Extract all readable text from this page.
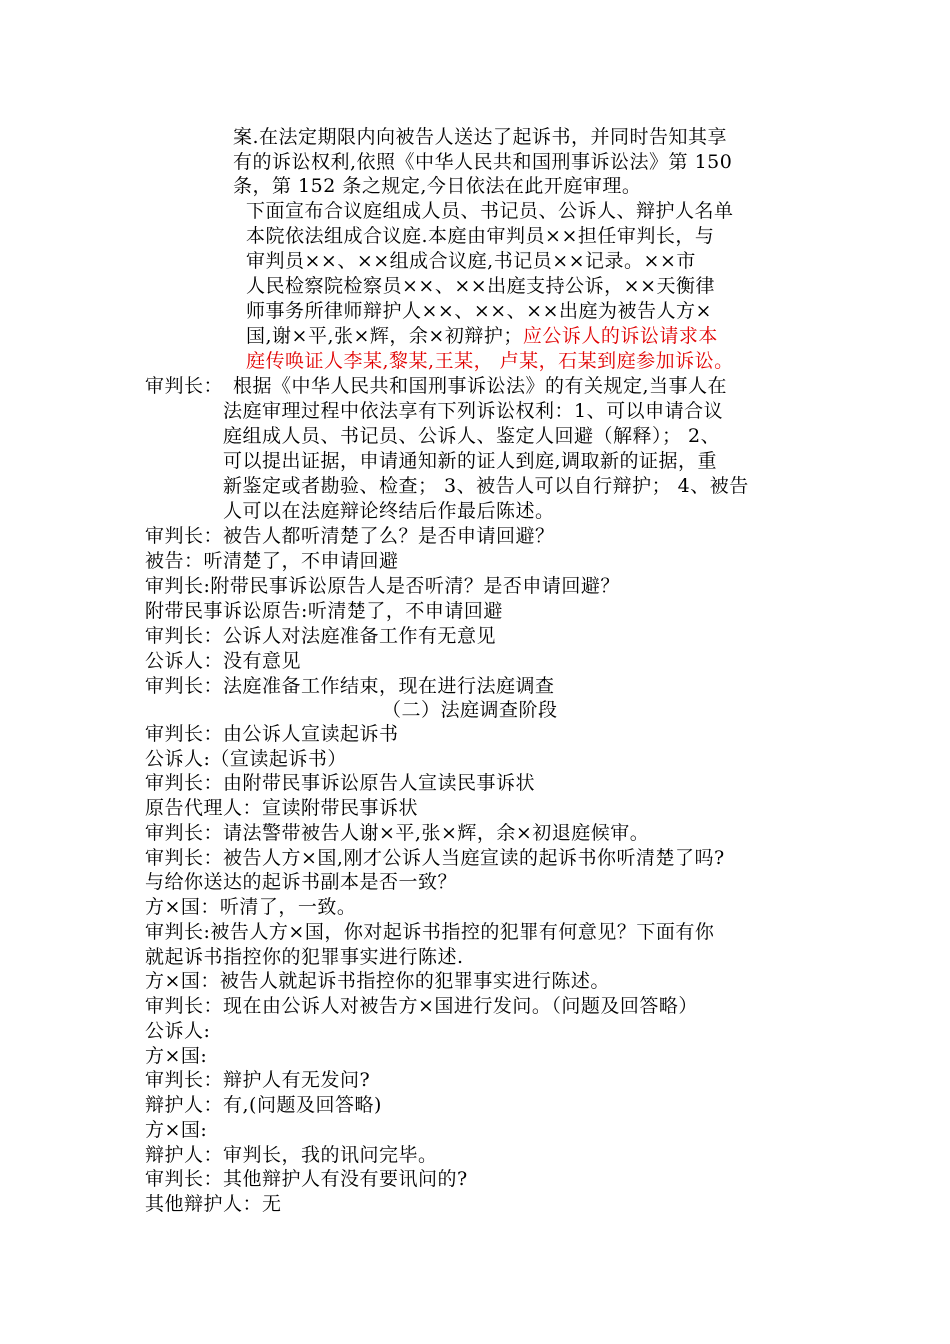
案.在法定期限内向被告人送达了起诉书，并同时告知其享
有的诉讼权利,依照《中华人民共和国刑事诉讼法》第 150
条，第 152 条之规定,今日依法在此开庭审理。
下面宣布合议庭组成人员、书记员、公诉人、辩护人名单
本院依法组成合议庭.本庭由审判员××担任审判长，与
审判员××、××组成合议庭,书记员××记录。××市
人民检察院检察员××、××出庭支持公诉，××天衡律
师事务所律师辩护人××、××、××出庭为被告人方×
国,谢×平,张×辉，余×初辩护；应公诉人的诉讼请求本
庭传唤证人李某,黎某,王某， 卢某，石某到庭参加诉讼。
审判长： 根据《中华人民共和国刑事诉讼法》的有关规定,当事人在
法庭审理过程中依法享有下列诉讼权利：1、可以申请合议
庭组成人员、书记员、公诉人、鉴定人回避（解释）； 2、
可以提出证据，申请通知新的证人到庭,调取新的证据，重
新鉴定或者勘验、检查； 3、被告人可以自行辩护； 4、被告
人可以在法庭辩论终结后作最后陈述。
审判长：被告人都听清楚了么？是否申请回避？
被告：听清楚了，不申请回避
审判长:附带民事诉讼原告人是否听清？是否申请回避？
附带民事诉讼原告:听清楚了，不申请回避
审判长：公诉人对法庭准备工作有无意见
公诉人：没有意见
审判长：法庭准备工作结束，现在进行法庭调查
（二）法庭调查阶段
审判长：由公诉人宣读起诉书
公诉人:（宣读起诉书）
审判长：由附带民事诉讼原告人宣读民事诉状
原告代理人：宣读附带民事诉状
审判长：请法警带被告人谢×平,张×辉，余×初退庭候审。
审判长：被告人方×国,刚才公诉人当庭宣读的起诉书你听清楚了吗?
与给你送达的起诉书副本是否一致？
方×国：听清了，一致。
审判长:被告人方×国，你对起诉书指控的犯罪有何意见？下面有你
就起诉书指控你的犯罪事实进行陈述.
方×国：被告人就起诉书指控你的犯罪事实进行陈述。
审判长：现在由公诉人对被告方×国进行发问。（问题及回答略）
公诉人:
方×国:
审判长：辩护人有无发问?
辩护人：有,(问题及回答略)
方×国:
辩护人：审判长，我的讯问完毕。
审判长：其他辩护人有没有要讯问的?
其他辩护人：无
